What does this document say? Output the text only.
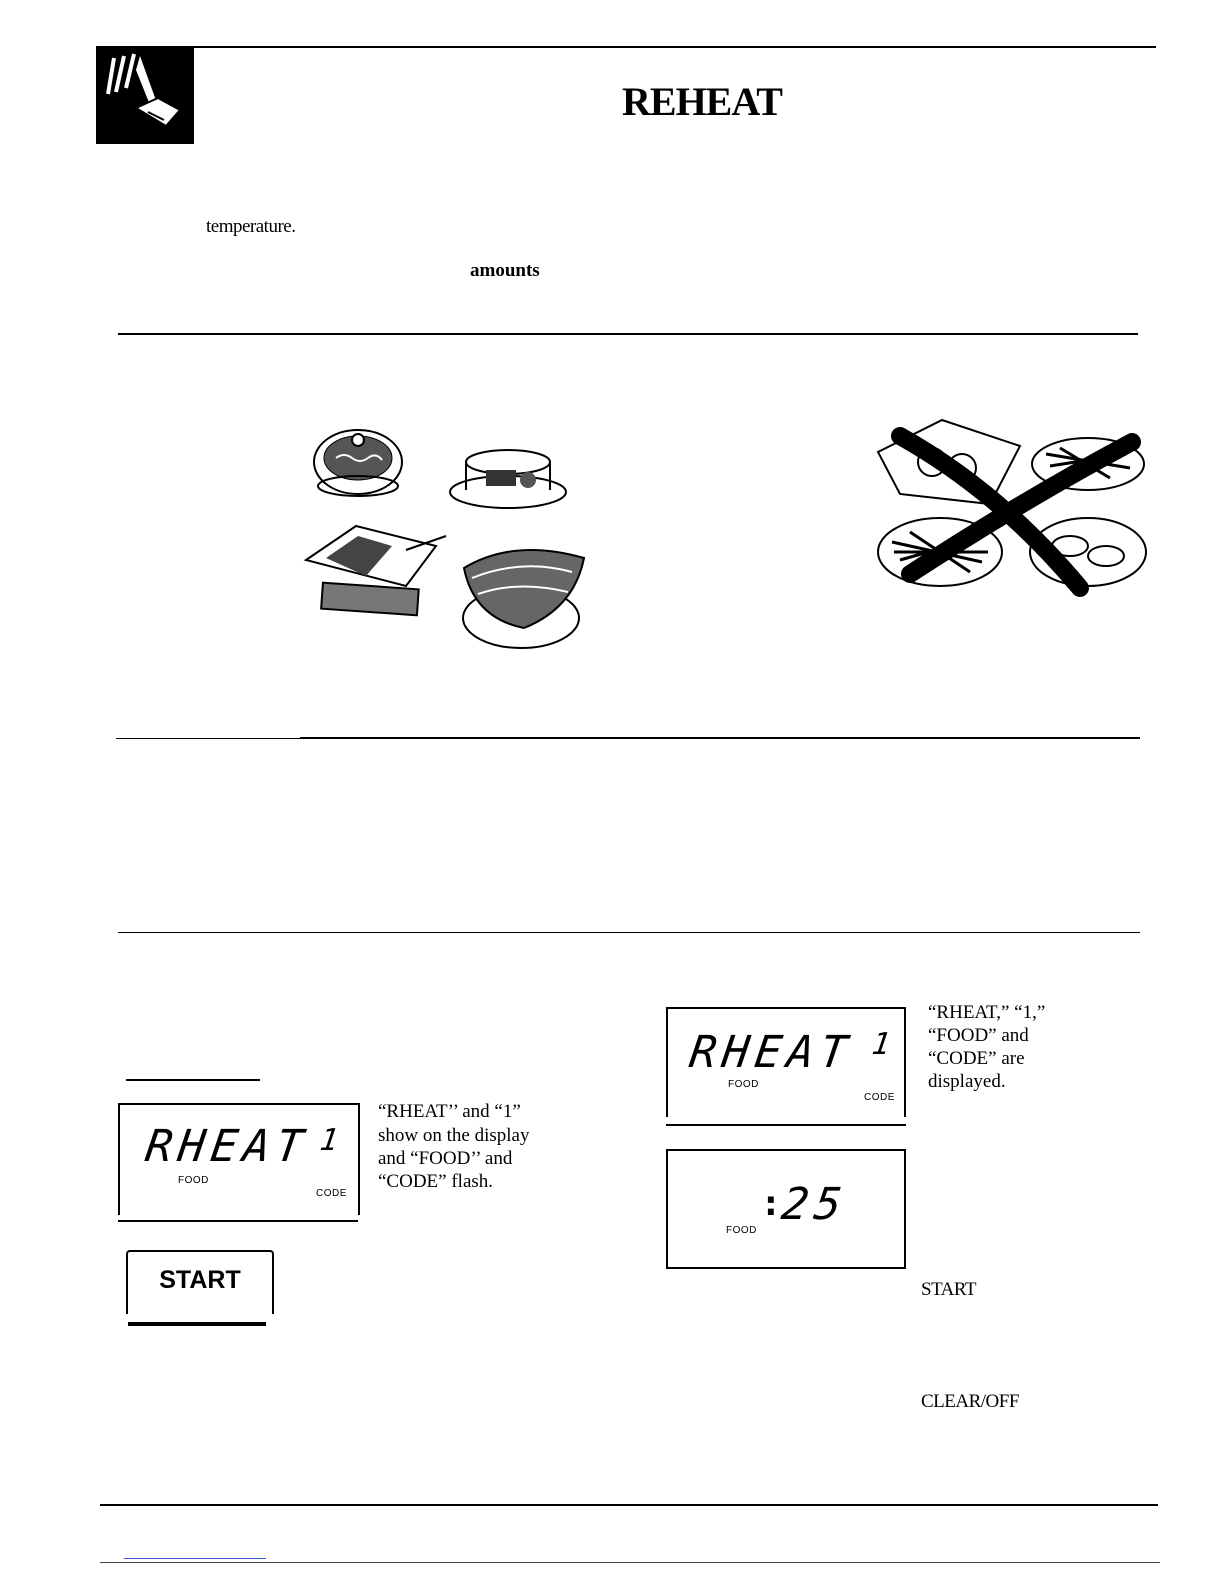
REHEAT
temperature.
amounts
RHEAT 1
FOOD
CODE
“RHEAT’’ and “1”
show on the display
and “FOOD’’ and
“CODE” flash.
START
RHEAT 1
FOOD
CODE
“RHEAT,” “1,”
“FOOD” and
“CODE” are
displayed.
:
25
FOOD
START
CLEAR/OFF
